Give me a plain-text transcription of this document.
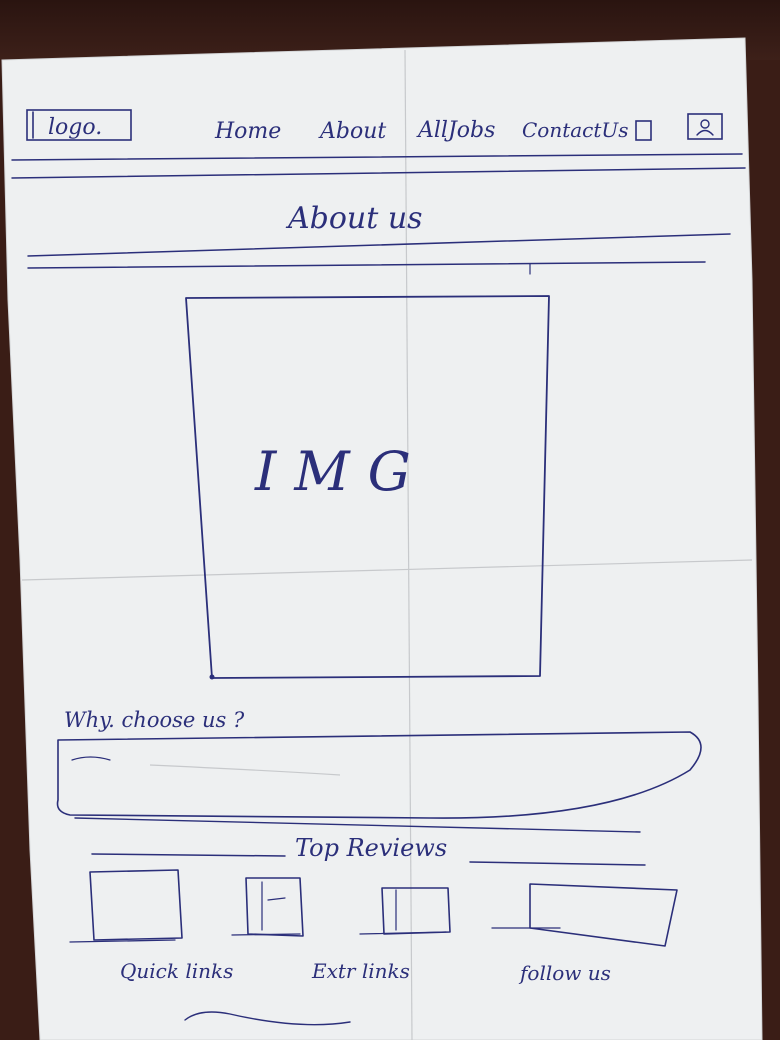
logo.	Home About AllJobs ContactUs
About us
IMG
Why. choose us ?
Top Reviews
Quick links	Extr links	follow us
